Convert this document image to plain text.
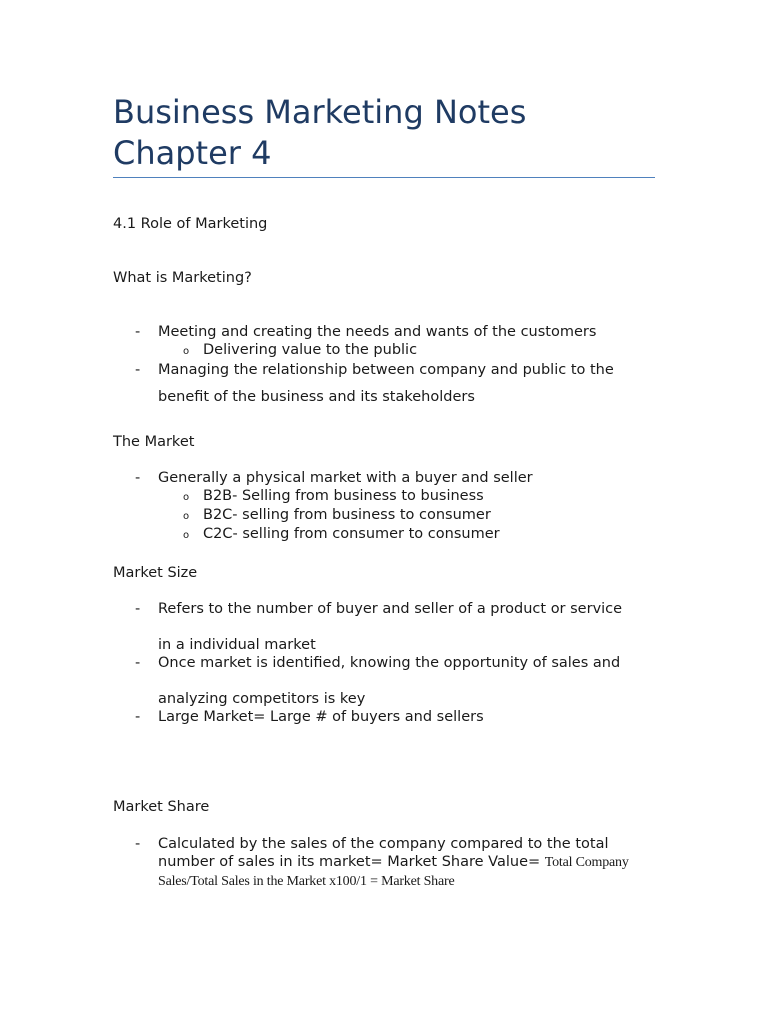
Business Marketing Notes
Chapter 4
4.1 Role of Marketing
What is Marketing?
- Meeting and creating the needs and wants of the customers
o Delivering value to the public
- Managing the relationship between company and public to the
benefit of the business and its stakeholders
The Market
- Generally a physical market with a buyer and seller
o B2B- Selling from business to business
o B2C- selling from business to consumer
o C2C- selling from consumer to consumer
Market Size
- Refers to the number of buyer and seller of a product or service
in a individual market
- Once market is identified, knowing the opportunity of sales and
analyzing competitors is key
- Large Market= Large # of buyers and sellers
Market Share
- Calculated by the sales of the company compared to the total
number of sales in its market= Market Share Value= Total Company
Sales/Total Sales in the Market x100/1 = Market Share
